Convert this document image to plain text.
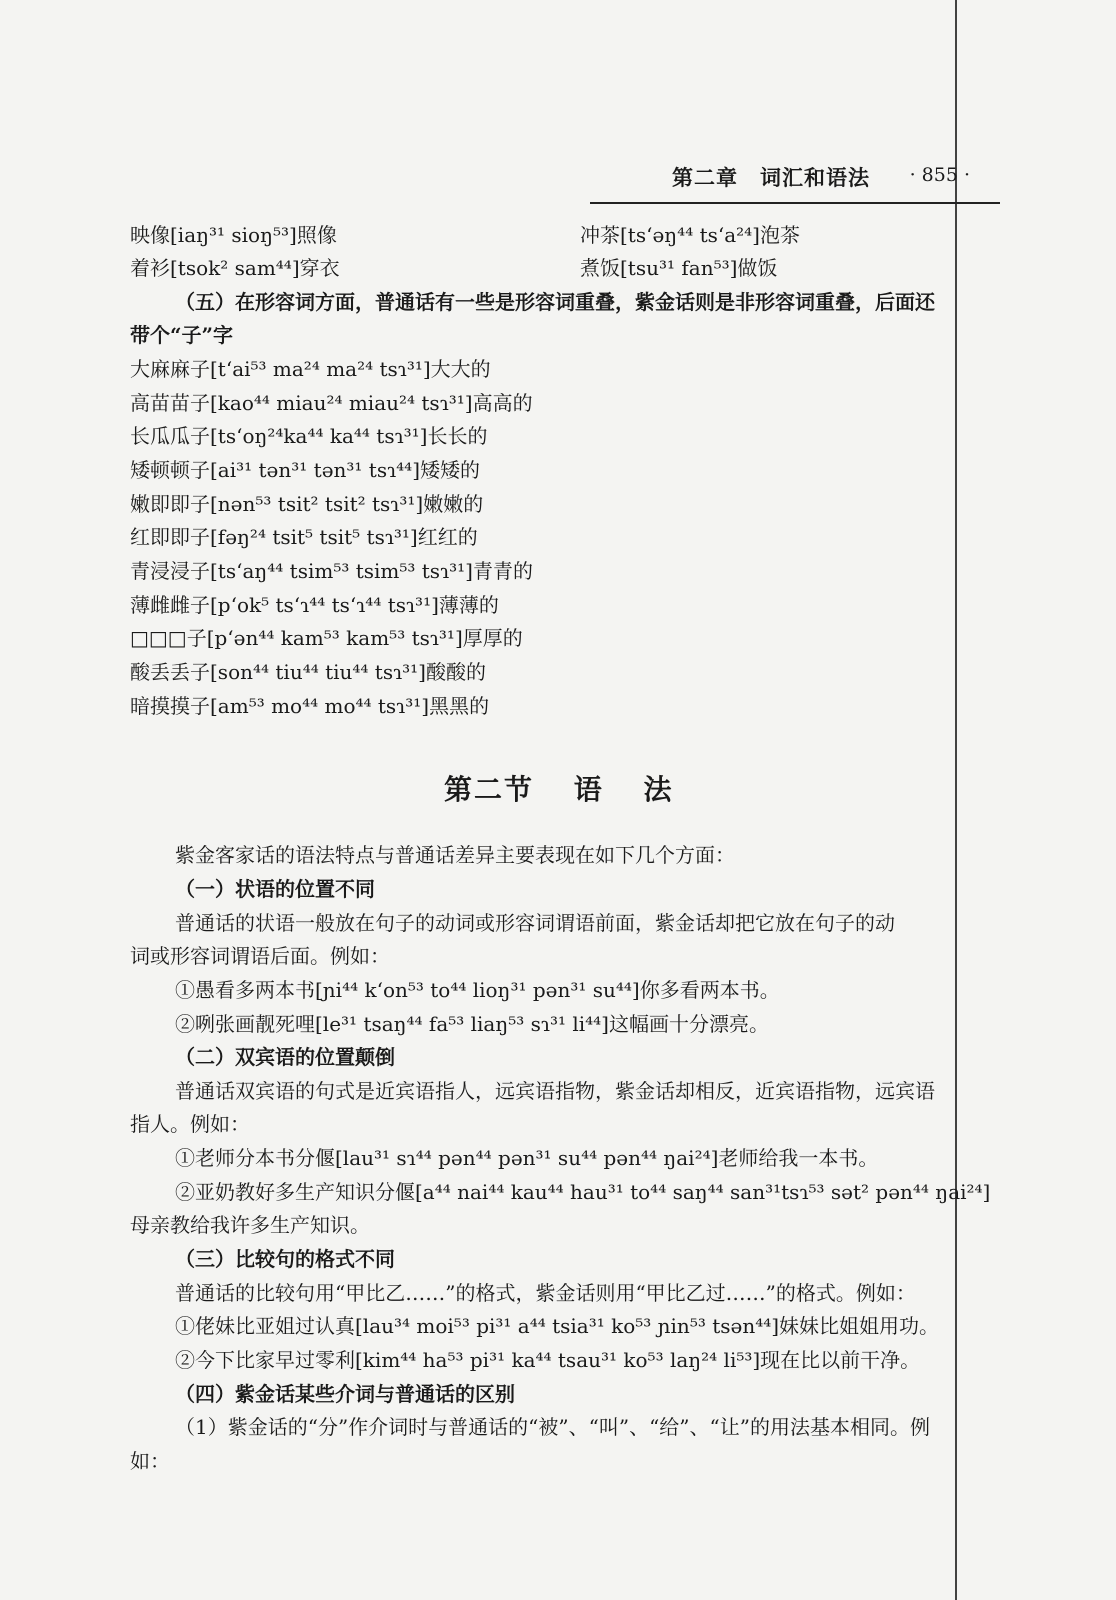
第二章　词汇和语法 · 855 ·
映像[iaŋ³¹ sioŋ⁵³]照像	冲茶[ts‘əŋ⁴⁴ ts‘a²⁴]泡茶
着衫[tsok² sam⁴⁴]穿衣	煮饭[tsu³¹ fan⁵³]做饭
（五）在形容词方面，普通话有一些是形容词重叠，紫金话则是非形容词重叠，后面还
带个“子”字
大麻麻子[t‘ai⁵³ ma²⁴ ma²⁴ tsɿ³¹]大大的
高苗苗子[kao⁴⁴ miau²⁴ miau²⁴ tsɿ³¹]高高的
长瓜瓜子[ts‘oŋ²⁴ka⁴⁴ ka⁴⁴ tsɿ³¹]长长的
矮顿顿子[ai³¹ tən³¹ tən³¹ tsɿ⁴⁴]矮矮的
嫩即即子[nən⁵³ tsit² tsit² tsɿ³¹]嫩嫩的
红即即子[fəŋ²⁴ tsit⁵ tsit⁵ tsɿ³¹]红红的
青浸浸子[ts‘aŋ⁴⁴ tsim⁵³ tsim⁵³ tsɿ³¹]青青的
薄雌雌子[p‘ok⁵ ts‘ɿ⁴⁴ ts‘ɿ⁴⁴ tsɿ³¹]薄薄的
□□□子[p‘ən⁴⁴ kam⁵³ kam⁵³ tsɿ³¹]厚厚的
酸丢丢子[son⁴⁴ tiu⁴⁴ tiu⁴⁴ tsɿ³¹]酸酸的
暗摸摸子[am⁵³ mo⁴⁴ mo⁴⁴ tsɿ³¹]黑黑的
第二节 语 法
紫金客家话的语法特点与普通话差异主要表现在如下几个方面：
（一）状语的位置不同
普通话的状语一般放在句子的动词或形容词谓语前面，紫金话却把它放在句子的动
词或形容词谓语后面。例如：
①愚看多两本书[ɲi⁴⁴ k‘on⁵³ to⁴⁴ lioŋ³¹ pən³¹ su⁴⁴]你多看两本书。
②咧张画靓死哩[le³¹ tsaŋ⁴⁴ fa⁵³ liaŋ⁵³ sɿ³¹ li⁴⁴]这幅画十分漂亮。
（二）双宾语的位置颠倒
普通话双宾语的句式是近宾语指人，远宾语指物，紫金话却相反，近宾语指物，远宾语
指人。例如：
①老师分本书分偃[lau³¹ sɿ⁴⁴ pən⁴⁴ pən³¹ su⁴⁴ pən⁴⁴ ŋai²⁴]老师给我一本书。
②亚奶教好多生产知识分偃[a⁴⁴ nai⁴⁴ kau⁴⁴ hau³¹ to⁴⁴ saŋ⁴⁴ san³¹tsɿ⁵³ sət² pən⁴⁴ ŋai²⁴]
母亲教给我许多生产知识。
（三）比较句的格式不同
普通话的比较句用“甲比乙……”的格式，紫金话则用“甲比乙过……”的格式。例如：
①佬妹比亚姐过认真[lau³⁴ moi⁵³ pi³¹ a⁴⁴ tsia³¹ ko⁵³ ɲin⁵³ tsən⁴⁴]妹妹比姐姐用功。
②今下比家早过零利[kim⁴⁴ ha⁵³ pi³¹ ka⁴⁴ tsau³¹ ko⁵³ laŋ²⁴ li⁵³]现在比以前干净。
（四）紫金话某些介词与普通话的区别
（1）紫金话的“分”作介词时与普通话的“被”、“叫”、“给”、“让”的用法基本相同。例
如：
